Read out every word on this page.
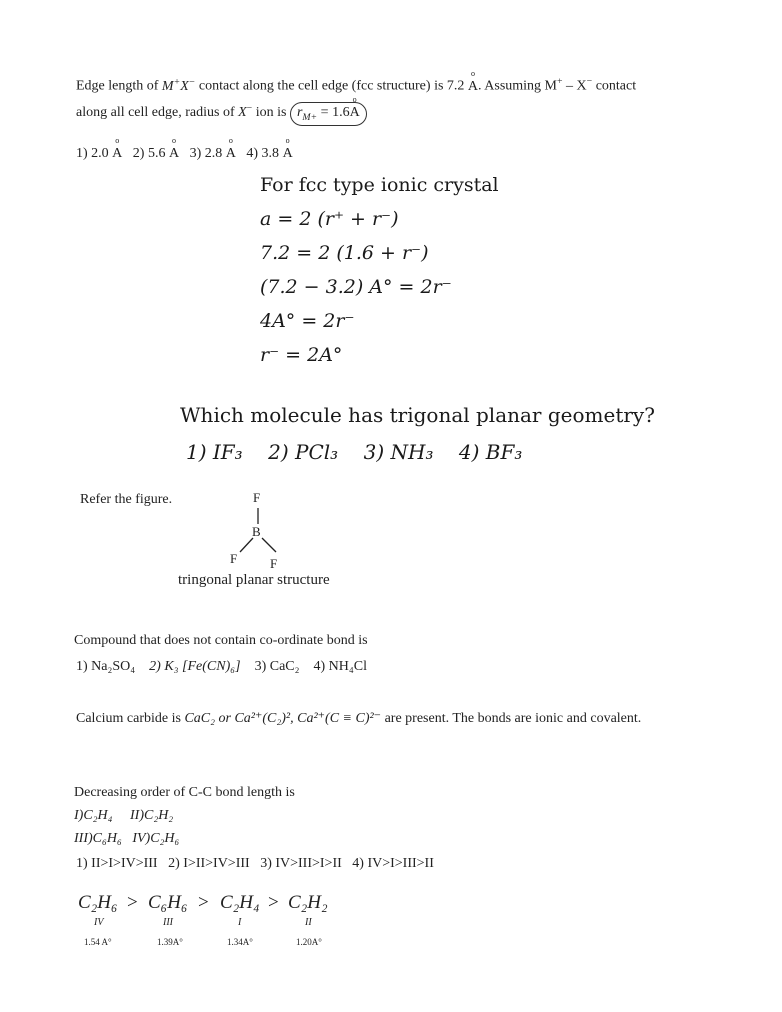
Edge length of M+X− contact along the cell edge (fcc structure) is 7.2 o A. Assuming M+ – X− contact
along all cell edge, radius of X− ion is $r_{M+} = 1.6o$ A
1) 2.0 o A 2) 5.6 o A 3) 2.8 o A 4) 3.8 o A
For fcc type ionic crystal
a = 2 (r⁺ + r⁻)
7.2 = 2 (1.6 + r⁻)
(7.2 − 3.2) A° = 2r⁻
4A° = 2r⁻
r⁻ = 2A°
Which molecule has trigonal planar geometry?
1) IF₃ 2) PCl₃ 3) NH₃ 4) BF₃
Refer the figure.	F
B
F	F
tringonal planar structure
Compound that does not contain co-ordinate bond is
1) Na₂SO₄ 2) K₃ [Fe(CN)₆] 3) CaC₂ 4) NH₄Cl
Calcium carbide is CaC₂ or Ca²⁺(C₂)², Ca²⁺(C ≡ C)²⁻ are present. The bonds are ionic and covalent.
Decreasing order of C-C bond length is
I)C₂H₄     II)C₂H₂
III)C₆H₆   IV)C₂H₆
1) II>I>IV>III   2) I>II>IV>III   3) IV>III>I>II   4) IV>I>III>II
C₂H₆ > C₆H₆ > C₂H₄ > C₂H₂
IV	III	I	II
1.54 A°	1.39A°	1.34A°	1.20A°
